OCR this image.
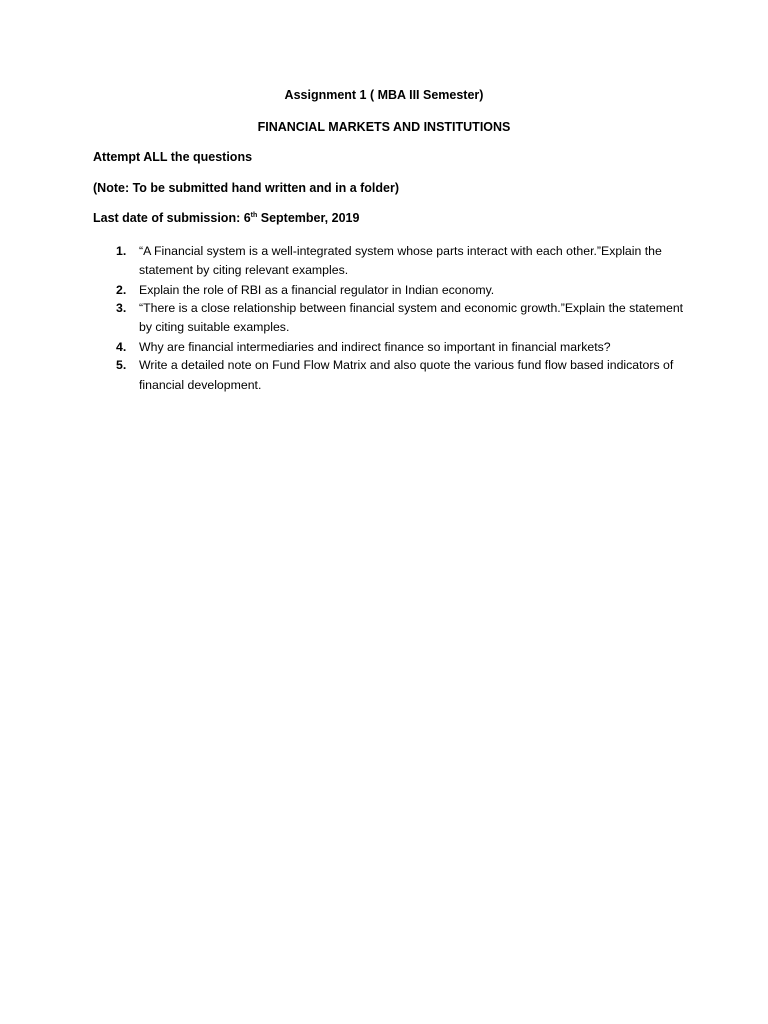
Assignment 1 ( MBA III Semester)
FINANCIAL MARKETS AND INSTITUTIONS
Attempt ALL the questions
(Note: To be submitted hand written and in a folder)
Last date of submission: 6th September, 2019
1.	“A Financial system is a well-integrated system whose parts interact with each other.”Explain the statement by citing relevant examples.
2.	Explain the role of RBI as a financial regulator in Indian economy.
3.	“There is a close relationship between financial system and economic growth.”Explain the statement by citing suitable examples.
4.	Why are financial intermediaries and indirect finance so important in financial markets?
5.	Write a detailed note on Fund Flow Matrix and also quote the various fund flow based indicators of financial development.
